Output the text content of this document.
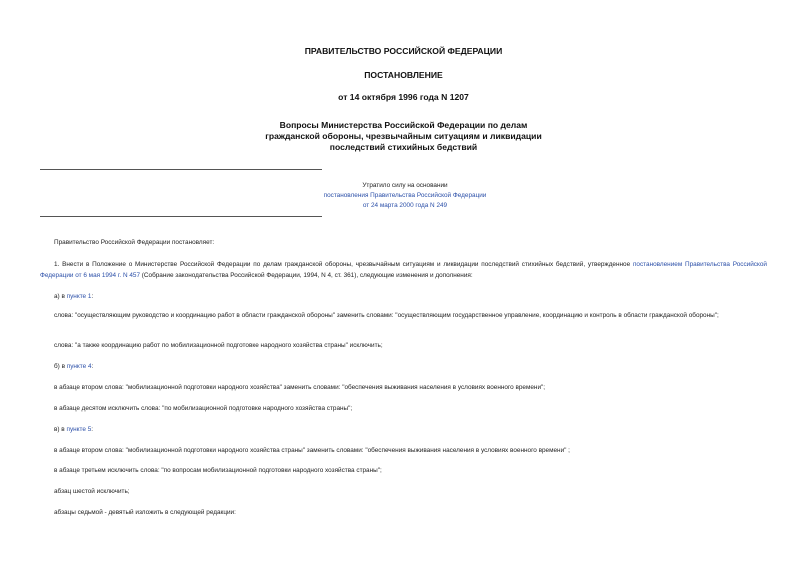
ПРАВИТЕЛЬСТВО РОССИЙСКОЙ ФЕДЕРАЦИИ
ПОСТАНОВЛЕНИЕ
от 14 октября 1996 года N 1207
Вопросы Министерства Российской Федерации по делам
гражданской обороны, чрезвычайным ситуациям и ликвидации
последствий стихийных бедствий
Утратило силу на основании
постановления Правительства Российской Федерации
от 24 марта 2000 года N 249
Правительство Российской Федерации постановляет:
1. Внести в Положение о Министерстве Российской Федерации по делам гражданской обороны, чрезвычайным ситуациям и ликвидации последствий стихийных бедствий, утвержденное постановлением Правительства Российской Федерации от 6 мая 1994 г. N 457 (Собрание законодательства Российской Федерации, 1994, N 4, ст. 361), следующие изменения и дополнения:
а) в пункте 1:
слова: "осуществляющим руководство и координацию работ в области гражданской обороны" заменить словами: "осуществляющим государственное управление, координацию и контроль в области гражданской обороны";
слова: "а также координацию работ по мобилизационной подготовке народного хозяйства страны" исключить;
б) в пункте 4:
в абзаце втором слова: "мобилизационной подготовки народного хозяйства" заменить словами: "обеспечения выживания населения в условиях военного времени";
в абзаце десятом исключить слова: "по мобилизационной подготовке народного хозяйства страны";
в) в пункте 5:
в абзаце втором слова: "мобилизационной подготовки народного хозяйства страны" заменить словами: "обеспечения выживания населения в условиях военного времени" ;
в абзаце третьем исключить слова: "по вопросам мобилизационной подготовки народного хозяйства страны";
абзац шестой исключить;
абзацы седьмой - девятый изложить в следующей редакции:
